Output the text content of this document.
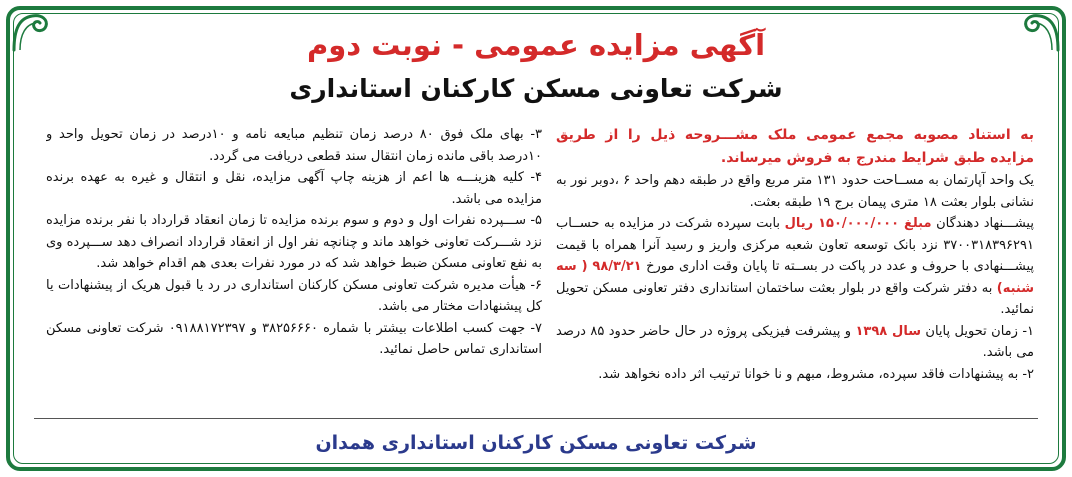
آگهی مزایده عمومی - نوبت دوم
شرکت تعاونی مسکن کارکنان استانداری

به استناد مصوبه مجمع عمومی ملک مشـــروحه ذیل را از طریق مزایده طبق شرایط مندرج به فروش میرساند.

یک واحد آپارتمان به مســاحت حدود ۱۳۱ متر مربع واقع در طبقه دهم واحد ۶ ،دوبر نور به نشانی بلوار بعثت ۱۸ متری پیمان برج ۱۹ طبقه بعثت.

پیشـــنهاد دهندگان مبلغ ۱۵۰/۰۰۰/۰۰۰ ریال بابت سپرده شرکت در مزایده به حســاب ۳۷۰۰۳۱۸۳۹۶۲۹۱ نزد بانک توسعه تعاون شعبه مرکزی واریز و رسید آنرا همراه با قیمت پیشـــنهادی با حروف و عدد در پاکت در بســته تا پایان وقت اداری مورخ ۹۸/۳/۲۱ ( سه شنبه) به دفتر شرکت واقع در بلوار بعثت ساختمان استانداری دفتر تعاونی مسکن تحویل نمائید.

۱- زمان تحویل پایان سال ۱۳۹۸ و پیشرفت فیزیکی پروژه در حال حاضر حدود ۸۵ درصد می باشد.

۲- به پیشنهادات فاقد سپرده، مشروط، مبهم و نا خوانا ترتیب اثر داده نخواهد شد.

۳- بهای ملک فوق ۸۰ درصد زمان تنظیم مبایعه نامه و ۱۰درصد در زمان تحویل واحد و ۱۰درصد باقی مانده زمان انتقال سند قطعی دریافت می گردد.

۴- کلیه هزینـــه ها اعم از هزینه چاپ آگهی مزایده، نقل و انتقال و غیره به عهده برنده مزایده می باشد.

۵- ســـپرده نفرات اول و دوم و سوم برنده مزایده تا زمان انعقاد قرارداد با نفر برنده مزایده نزد شـــرکت تعاونی خواهد ماند و چنانچه نفر اول از انعقاد قرارداد انصراف دهد ســـپرده وی به نفع تعاونی مسکن ضبط خواهد شد که در مورد نفرات بعدی هم اقدام خواهد شد.

۶- هیأت مدیره شرکت تعاونی مسکن کارکنان استانداری در رد یا قبول هریک از پیشنهادات یا کل پیشنهادات مختار می باشد.

۷- جهت کسب اطلاعات بیشتر با شماره ۳۸۲۵۶۶۶۰ و ۰۹۱۸۸۱۷۲۳۹۷ شرکت تعاونی مسکن استانداری تماس حاصل نمائید.

شرکت تعاونی مسکن کارکنان استانداری همدان
